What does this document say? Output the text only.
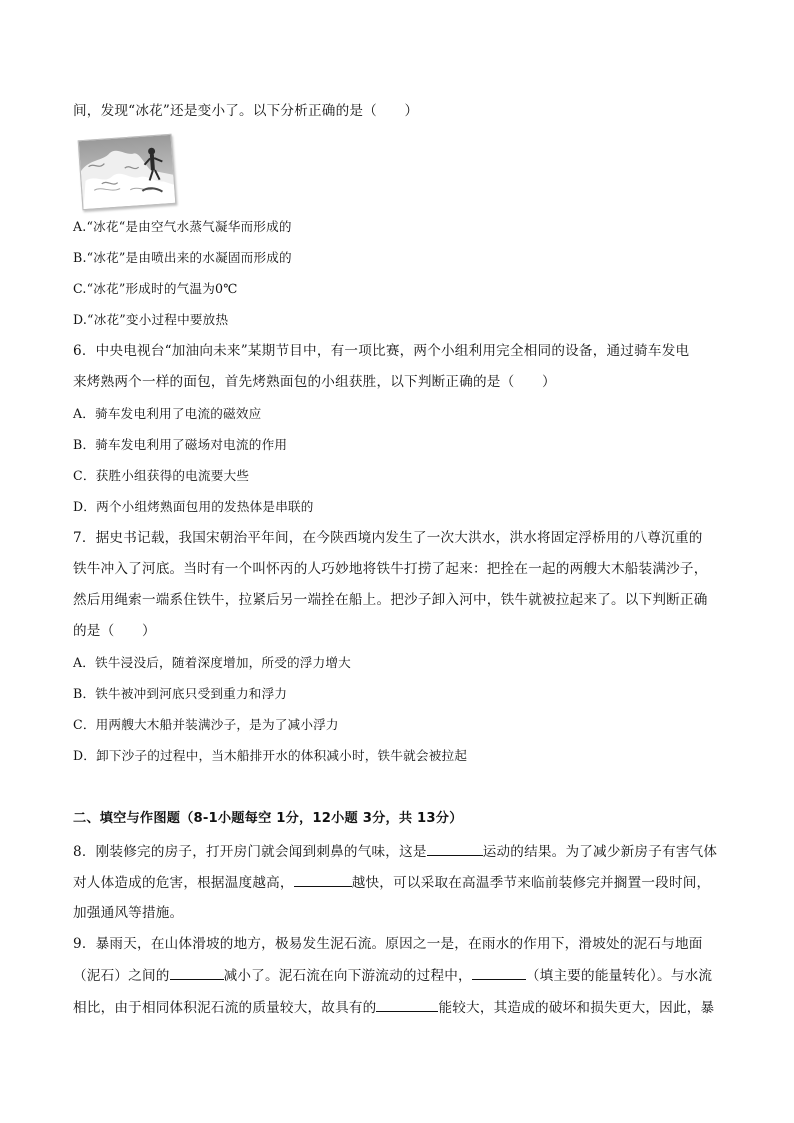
间，发现“冰花”还是变小了。以下分析正确的是（　　）
A.“冰花“是由空气水蒸气凝华而形成的
B.“冰花”是由喷出来的水凝固而形成的
C.“冰花”形成时的气温为0℃
D.“冰花”变小过程中要放热
6．中央电视台“加油向未来”某期节目中，有一项比赛，两个小组利用完全相同的设备，通过骑车发电
来烤熟两个一样的面包，首先烤熟面包的小组获胜，以下判断正确的是（　　）
A．骑车发电利用了电流的磁效应
B．骑车发电利用了磁场对电流的作用
C．获胜小组获得的电流要大些
D．两个小组烤熟面包用的发热体是串联的
7．据史书记载，我国宋朝治平年间，在今陕西境内发生了一次大洪水，洪水将固定浮桥用的八尊沉重的
铁牛冲入了河底。当时有一个叫怀丙的人巧妙地将铁牛打捞了起来：把拴在一起的两艘大木船装满沙子，
然后用绳索一端系住铁牛，拉紧后另一端拴在船上。把沙子卸入河中，铁牛就被拉起来了。以下判断正确
的是（　　）
A．铁牛浸没后，随着深度增加，所受的浮力增大
B．铁牛被冲到河底只受到重力和浮力
C．用两艘大木船并装满沙子，是为了减小浮力
D．卸下沙子的过程中，当木船排开水的体积减小时，铁牛就会被拉起
二、填空与作图题（8-1小题每空 1分，12小题 3分，共 13分）
8．刚装修完的房子，打开房门就会闻到刺鼻的气味，这是	运动的结果。为了减少新房子有害气体
对人体造成的危害，根据温度越高，	越快，可以采取在高温季节来临前装修完并搁置一段时间，
加强通风等措施。
9．暴雨天，在山体滑坡的地方，极易发生泥石流。原因之一是，在雨水的作用下，滑坡处的泥石与地面
（泥石）之间的	减小了。泥石流在向下游流动的过程中，	（填主要的能量转化）。与水流
相比，由于相同体积泥石流的质量较大，故具有的	能较大，其造成的破坏和损失更大，因此，暴
